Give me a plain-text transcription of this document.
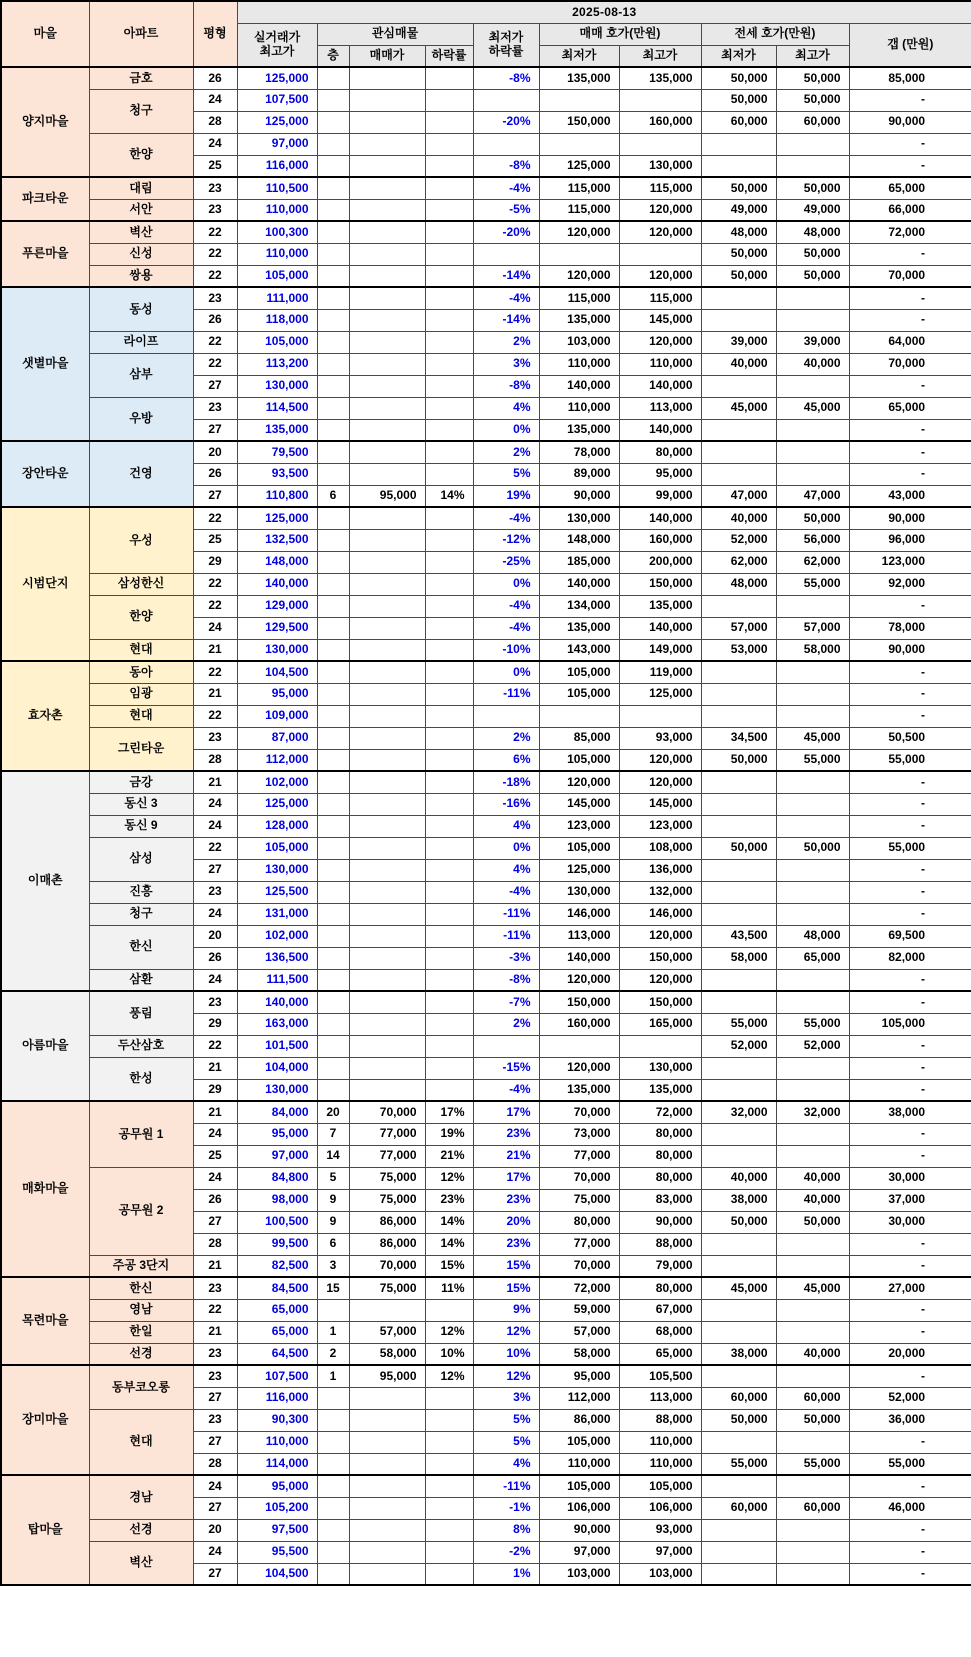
마을	아파트	평형	2025-08-13									
			실거래가
최고가	관심매물			최저가
하락률	매매 호가(만원)		전세 호가(만원)		갭 (만원)
				층	매매가	하락률		최저가	최고가	최저가	최고가	
양지마을	금호	26	125,000				-8%	135,000	135,000	50,000	50,000	85,000
	청구	24	107,500							50,000	50,000	-
		28	125,000				-20%	150,000	160,000	60,000	60,000	90,000
	한양	24	97,000									-
		25	116,000				-8%	125,000	130,000			-
파크타운	대림	23	110,500				-4%	115,000	115,000	50,000	50,000	65,000
	서안	23	110,000				-5%	115,000	120,000	49,000	49,000	66,000
푸른마을	벽산	22	100,300				-20%	120,000	120,000	48,000	48,000	72,000
	신성	22	110,000							50,000	50,000	-
	쌍용	22	105,000				-14%	120,000	120,000	50,000	50,000	70,000
샛별마을	동성	23	111,000				-4%	115,000	115,000			-
		26	118,000				-14%	135,000	145,000			-
	라이프	22	105,000				2%	103,000	120,000	39,000	39,000	64,000
	삼부	22	113,200				3%	110,000	110,000	40,000	40,000	70,000
		27	130,000				-8%	140,000	140,000			-
	우방	23	114,500				4%	110,000	113,000	45,000	45,000	65,000
		27	135,000				0%	135,000	140,000			-
장안타운	건영	20	79,500				2%	78,000	80,000			-
		26	93,500				5%	89,000	95,000			-
		27	110,800	6	95,000	14%	19%	90,000	99,000	47,000	47,000	43,000
시범단지	우성	22	125,000				-4%	130,000	140,000	40,000	50,000	90,000
		25	132,500				-12%	148,000	160,000	52,000	56,000	96,000
		29	148,000				-25%	185,000	200,000	62,000	62,000	123,000
	삼성한신	22	140,000				0%	140,000	150,000	48,000	55,000	92,000
	한양	22	129,000				-4%	134,000	135,000			-
		24	129,500				-4%	135,000	140,000	57,000	57,000	78,000
	현대	21	130,000				-10%	143,000	149,000	53,000	58,000	90,000
효자촌	동아	22	104,500				0%	105,000	119,000			-
	임광	21	95,000				-11%	105,000	125,000			-
	현대	22	109,000									-
	그린타운	23	87,000				2%	85,000	93,000	34,500	45,000	50,500
		28	112,000				6%	105,000	120,000	50,000	55,000	55,000
이매촌	금강	21	102,000				-18%	120,000	120,000			-
	동신 3	24	125,000				-16%	145,000	145,000			-
	동신 9	24	128,000				4%	123,000	123,000			-
	삼성	22	105,000				0%	105,000	108,000	50,000	50,000	55,000
		27	130,000				4%	125,000	136,000			-
	진흥	23	125,500				-4%	130,000	132,000			-
	청구	24	131,000				-11%	146,000	146,000			-
	한신	20	102,000				-11%	113,000	120,000	43,500	48,000	69,500
		26	136,500				-3%	140,000	150,000	58,000	65,000	82,000
	삼환	24	111,500				-8%	120,000	120,000			-
아름마을	풍림	23	140,000				-7%	150,000	150,000			-
		29	163,000				2%	160,000	165,000	55,000	55,000	105,000
	두산삼호	22	101,500							52,000	52,000	-
	한성	21	104,000				-15%	120,000	130,000			-
		29	130,000				-4%	135,000	135,000			-
매화마을	공무원 1	21	84,000	20	70,000	17%	17%	70,000	72,000	32,000	32,000	38,000
		24	95,000	7	77,000	19%	23%	73,000	80,000			-
		25	97,000	14	77,000	21%	21%	77,000	80,000			-
	공무원 2	24	84,800	5	75,000	12%	17%	70,000	80,000	40,000	40,000	30,000
		26	98,000	9	75,000	23%	23%	75,000	83,000	38,000	40,000	37,000
		27	100,500	9	86,000	14%	20%	80,000	90,000	50,000	50,000	30,000
		28	99,500	6	86,000	14%	23%	77,000	88,000			-
	주공 3단지	21	82,500	3	70,000	15%	15%	70,000	79,000			-
목련마을	한신	23	84,500	15	75,000	11%	15%	72,000	80,000	45,000	45,000	27,000
	영남	22	65,000				9%	59,000	67,000			-
	한일	21	65,000	1	57,000	12%	12%	57,000	68,000			-
	선경	23	64,500	2	58,000	10%	10%	58,000	65,000	38,000	40,000	20,000
장미마을	동부코오롱	23	107,500	1	95,000	12%	12%	95,000	105,500			-
		27	116,000				3%	112,000	113,000	60,000	60,000	52,000
	현대	23	90,300				5%	86,000	88,000	50,000	50,000	36,000
		27	110,000				5%	105,000	110,000			-
		28	114,000				4%	110,000	110,000	55,000	55,000	55,000
탑마을	경남	24	95,000				-11%	105,000	105,000			-
		27	105,200				-1%	106,000	106,000	60,000	60,000	46,000
	선경	20	97,500				8%	90,000	93,000			-
	벽산	24	95,500				-2%	97,000	97,000			-
		27	104,500				1%	103,000	103,000			-
